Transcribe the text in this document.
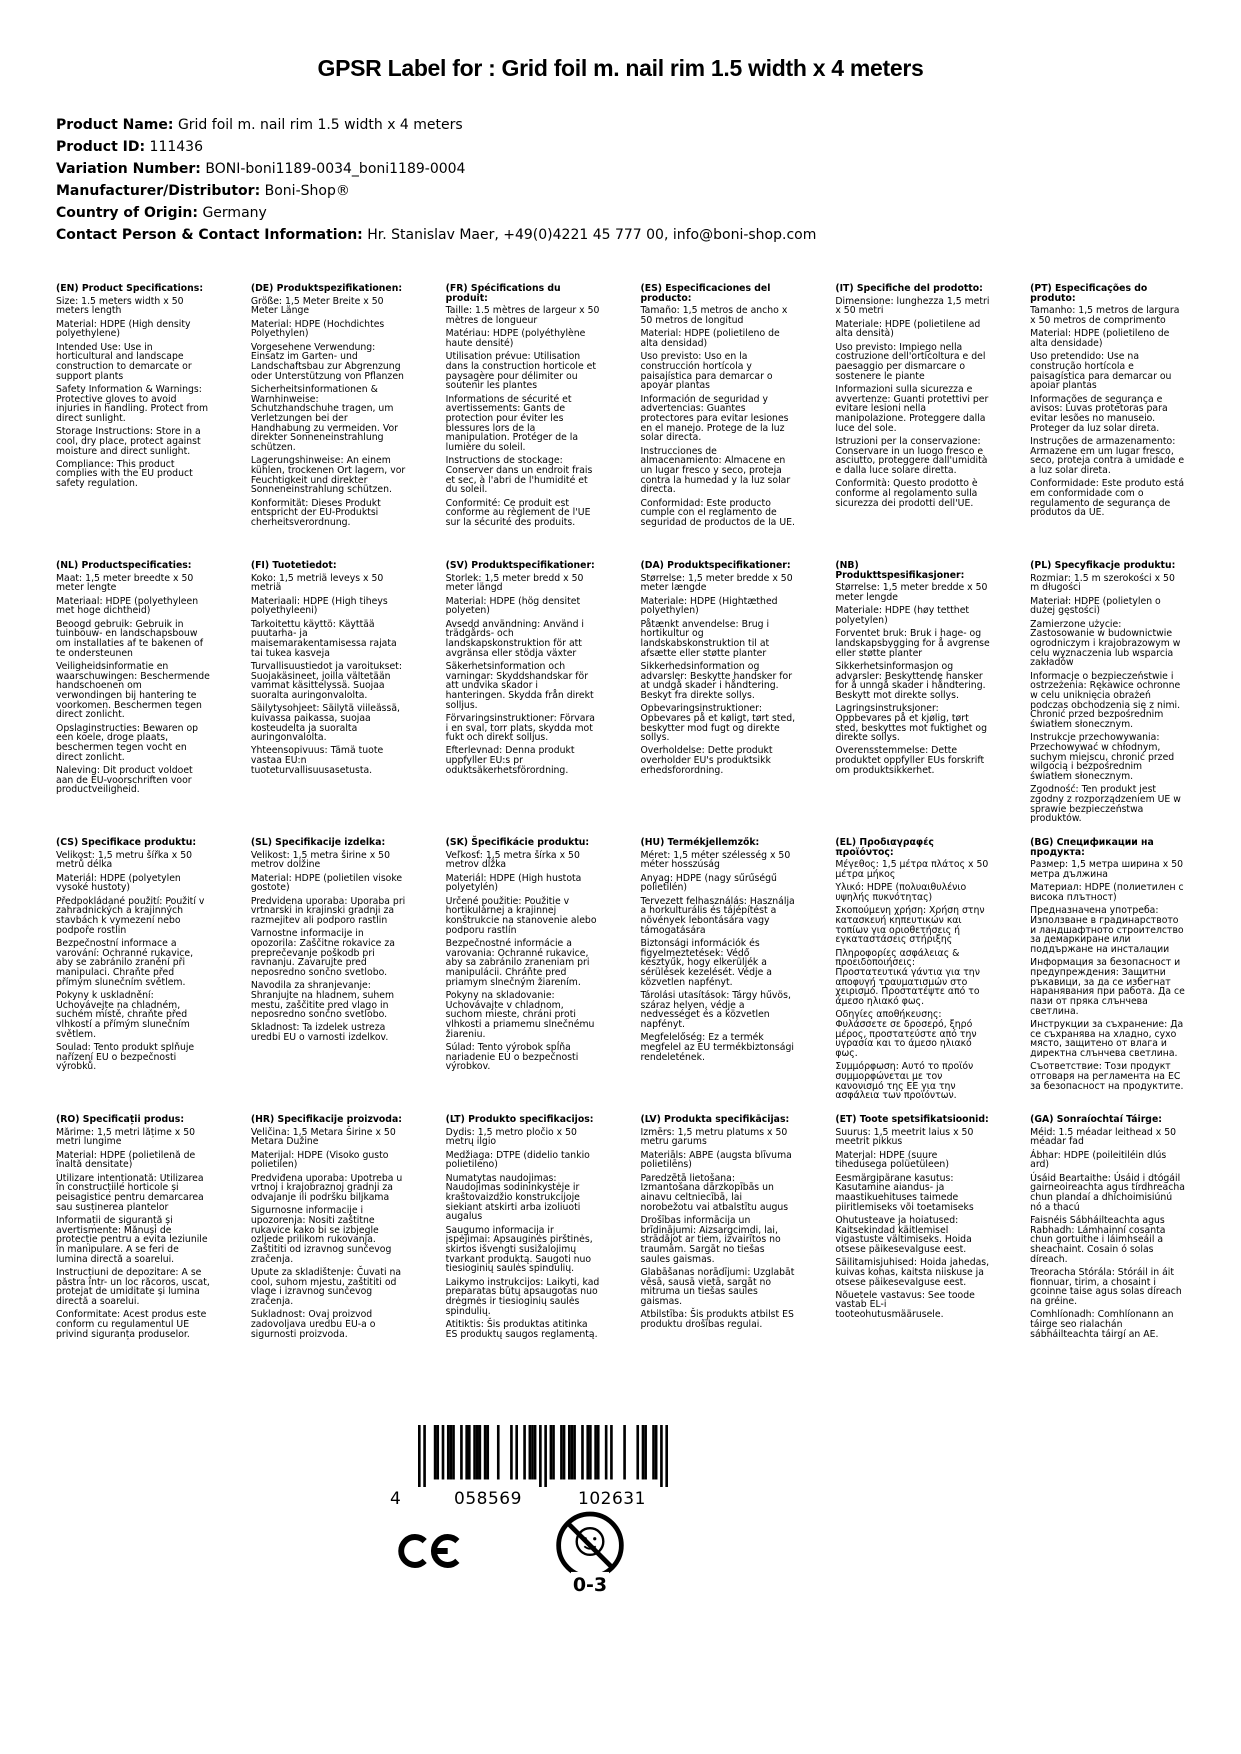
GPSR Label for : Grid foil m. nail rim 1.5 width x 4 meters
Product Name: Grid foil m. nail rim 1.5 width x 4 meters
Product ID: 111436
Variation Number: BONI-boni1189-0034_boni1189-0004
Manufacturer/Distributor: Boni-Shop®
Country of Origin: Germany
Contact Person & Contact Information: Hr. Stanislav Maer, +49(0)4221 45 777 00, info@boni-shop.com
(EN) Product Specifications:

Size: 1.5 meters width x 50 meters length

Material: HDPE (High density polyethylene)

Intended Use: Use in horticultural and landscape construction to demarcate or support plants

Safety Information & Warnings: Protective gloves to avoid injuries in handling. Protect from direct sunlight.

Storage Instructions: Store in a cool, dry place, protect against moisture and direct sunlight.

Compliance: This product complies with the EU product safety regulation.

(DE) Produktspezifikationen:

Größe: 1,5 Meter Breite x 50 Meter Länge

Material: HDPE (Hochdichtes Polyethylen)

Vorgesehene Verwendung: Einsatz im Garten- und Landschaftsbau zur Abgrenzung oder Unterstützung von Pflanzen

Sicherheitsinformationen & Warnhinweise: Schutzhandschuhe tragen, um Verletzungen bei der Handhabung zu vermeiden. Vor direkter Sonneneinstrahlung schützen.

Lagerungshinweise: An einem kühlen, trockenen Ort lagern, vor Feuchtigkeit und direkter Sonneneinstrahlung schützen.

Konformität: Dieses Produkt entspricht der EU-Produktsi cherheitsverordnung.

(FR) Spécifications du produit:

Taille: 1.5 mètres de largeur x 50 mètres de longueur

Matériau: HDPE (polyéthylène haute densité)

Utilisation prévue: Utilisation dans la construction horticole et paysagère pour délimiter ou soutenir les plantes

Informations de sécurité et avertissements: Gants de protection pour éviter les blessures lors de la manipulation. Protéger de la lumière du soleil.

Instructions de stockage: Conserver dans un endroit frais et sec, à l'abri de l'humidité et du soleil.

Conformité: Ce produit est conforme au règlement de l'UE sur la sécurité des produits.

(ES) Especificaciones del producto:

Tamaño: 1,5 metros de ancho x 50 metros de longitud

Material: HDPE (polietileno de alta densidad)

Uso previsto: Uso en la construcción hortícola y paisajística para demarcar o apoyar plantas

Información de seguridad y advertencias: Guantes protectores para evitar lesiones en el manejo. Protege de la luz solar directa.

Instrucciones de almacenamiento: Almacene en un lugar fresco y seco, proteja contra la humedad y la luz solar directa.

Conformidad: Este producto cumple con el reglamento de seguridad de productos de la UE.

(IT) Specifiche del prodotto:

Dimensione: lunghezza 1,5 metri x 50 metri

Materiale: HDPE (polietilene ad alta densità)

Uso previsto: Impiego nella costruzione dell'orticoltura e del paesaggio per dismarcare o sostenere le piante

Informazioni sulla sicurezza e avvertenze: Guanti protettivi per evitare lesioni nella manipolazione. Proteggere dalla luce del sole.

Istruzioni per la conservazione: Conservare in un luogo fresco e asciutto, proteggere dall'umidità e dalla luce solare diretta.

Conformità: Questo prodotto è conforme al regolamento sulla sicurezza dei prodotti dell'UE.

(PT) Especificações do produto:

Tamanho: 1,5 metros de largura x 50 metros de comprimento

Material: HDPE (polietileno de alta densidade)

Uso pretendido: Use na construção hortícola e paisagística para demarcar ou apoiar plantas

Informações de segurança e avisos: Luvas protetoras para evitar lesões no manuseio. Proteger da luz solar direta.

Instruções de armazenamento: Armazene em um lugar fresco, seco, proteja contra a umidade e a luz solar direta.

Conformidade: Este produto está em conformidade com o regulamento de segurança de produtos da UE.

(NL) Productspecificaties:

Maat: 1,5 meter breedte x 50 meter lengte

Materiaal: HDPE (polyethyleen met hoge dichtheid)

Beoogd gebruik: Gebruik in tuinbouw- en landschapsbouw om installaties af te bakenen of te ondersteunen

Veiligheidsinformatie en waarschuwingen: Beschermende handschoenen om verwondingen bij hantering te voorkomen. Beschermen tegen direct zonlicht.

Opslaginstructies: Bewaren op een koele, droge plaats, beschermen tegen vocht en direct zonlicht.

Naleving: Dit product voldoet aan de EU-voorschriften voor productveiligheid.

(FI) Tuotetiedot:

Koko: 1,5 metriä leveys x 50 metriä

Materiaali: HDPE (High tiheys polyethyleeni)

Tarkoitettu käyttö: Käyttää puutarha- ja maisemarakentamisessa rajata tai tukea kasveja

Turvallisuustiedot ja varoitukset: Suojakäsineet, joilla vältetään vammat käsittelyssä. Suojaa suoralta auringonvalolta.

Säilytysohjeet: Säilytä viileässä, kuivassa paikassa, suojaa kosteudelta ja suoralta auringonvalolta.

Yhteensopivuus: Tämä tuote vastaa EU:n tuoteturvallisuusasetusta.

(SV) Produktspecifikationer:

Storlek: 1,5 meter bredd x 50 meter längd

Material: HDPE (hög densitet polyeten)

Avsedd användning: Använd i trädgårds- och landskapskonstruktion för att avgränsa eller stödja växter

Säkerhetsinformation och varningar: Skyddshandskar för att undvika skador i hanteringen. Skydda från direkt solljus.

Förvaringsinstruktioner: Förvara i en sval, torr plats, skydda mot fukt och direkt solljus.

Efterlevnad: Denna produkt uppfyller EU:s pr oduktsäkerhetsförordning.

(DA) Produktspecifikationer:

Størrelse: 1,5 meter bredde x 50 meter længde

Materiale: HDPE (Hightæthed polyethylen)

Påtænkt anvendelse: Brug i hortikultur og landskabskonstruktion til at afsætte eller støtte planter

Sikkerhedsinformation og advarsler: Beskytte handsker for at undgå skader i håndtering. Beskyt fra direkte sollys.

Opbevaringsinstruktioner: Opbevares på et køligt, tørt sted, beskytter mod fugt og direkte sollys.

Overholdelse: Dette produkt overholder EU's produktsikk erhedsforordning.

(NB) Produkttspesifikasjoner:

Størrelse: 1,5 meter bredde x 50 meter lengde

Materiale: HDPE (høy tetthet polyetylen)

Forventet bruk: Bruk i hage- og landskapsbygging for å avgrense eller støtte planter

Sikkerhetsinformasjon og advarsler: Beskyttende hansker for å unngå skader i håndtering. Beskytt mot direkte sollys.

Lagringsinstruksjoner: Oppbevares på et kjølig, tørt sted, beskyttes mot fuktighet og direkte sollys.

Overensstemmelse: Dette produktet oppfyller EUs forskrift om produktsikkerhet.

(PL) Specyfikacje produktu:

Rozmiar: 1.5 m szerokości x 50 m długości

Materiał: HDPE (polietylen o dużej gęstości)

Zamierzone użycie: Zastosowanie w budownictwie ogrodniczym i krajobrazowym w celu wyznaczenia lub wsparcia zakładów

Informacje o bezpieczeństwie i ostrzeżenia: Rękawice ochronne w celu uniknięcia obrażeń podczas obchodzenia się z nimi. Chronić przed bezpośrednim światłem słonecznym.

Instrukcje przechowywania: Przechowywać w chłodnym, suchym miejscu, chronić przed wilgocią i bezpośrednim światłem słonecznym.

Zgodność: Ten produkt jest zgodny z rozporządzeniem UE w sprawie bezpieczeństwa produktów.

(CS) Specifikace produktu:

Velikost: 1,5 metru šířka x 50 metrů délka

Materiál: HDPE (polyetylen vysoké hustoty)

Předpokládané použití: Použití v zahradnických a krajinných stavbách k vymezení nebo podpoře rostlin

Bezpečnostní informace a varování: Ochranné rukavice, aby se zabránilo zranění při manipulaci. Chraňte před přímým slunečním světlem.

Pokyny k uskladnění: Uchovávejte na chladném, suchém místě, chraňte před vlhkostí a přímým slunečním světlem.

Soulad: Tento produkt splňuje nařízení EU o bezpečnosti výrobků.

(SL) Specifikacije izdelka:

Velikost: 1,5 metra širine x 50 metrov dolžine

Material: HDPE (polietilen visoke gostote)

Predvidena uporaba: Uporaba pri vrtnarski in krajinski gradnji za razmejitev ali podporo rastlin

Varnostne informacije in opozorila: Zaščitne rokavice za preprečevanje poškodb pri ravnanju. Zavarujte pred neposredno sončno svetlobo.

Navodila za shranjevanje: Shranjujte na hladnem, suhem mestu, zaščitite pred vlago in neposredno sončno svetlobo.

Skladnost: Ta izdelek ustreza uredbi EU o varnosti izdelkov.

(SK) Špecifikácie produktu:

Veľkosť: 1,5 metra šírka x 50 metrov dĺžka

Materiál: HDPE (High hustota polyetylén)

Určené použitie: Použitie v hortikulárnej a krajinnej konštrukcie na stanovenie alebo podporu rastlín

Bezpečnostné informácie a varovania: Ochranné rukavice, aby sa zabránilo zraneniam pri manipulácii. Chráňte pred priamym slnečným žiarením.

Pokyny na skladovanie: Uchovávajte v chladnom, suchom mieste, chráni proti vlhkosti a priamemu slnečnému žiareniu.

Súlad: Tento výrobok spĺňa nariadenie EÚ o bezpečnosti výrobkov.

(HU) Termékjellemzők:

Méret: 1,5 méter szélesség x 50 méter hosszúság

Anyag: HDPE (nagy sűrűségű polietilén)

Tervezett felhasználás: Használja a horkulturális és tájépítést a növények lebontására vagy támogatására

Biztonsági információk és figyelmeztetések: Védő kesztyűk, hogy elkerüljék a sérülések kezelését. Védje a közvetlen napfényt.

Tárolási utasítások: Tárgy hűvös, száraz helyen, védje a nedvességet és a közvetlen napfényt.

Megfelelőség: Ez a termék megfelel az EU termékbiztonsági rendeletének.

(EL) Προδιαγραφές προϊόντος:

Μέγεθος: 1,5 μέτρα πλάτος x 50 μέτρα μήκος

Υλικό: HDPE (πολυαιθυλένιο υψηλής πυκνότητας)

Σκοπούμενη χρήση: Χρήση στην κατασκευή κηπευτικών και τοπίων για οριοθετήσεις ή εγκαταστάσεις στήριξης

Πληροφορίες ασφάλειας & προειδοποιήσεις: Προστατευτικά γάντια για την αποφυγή τραυματισμών στο χειρισμό. Προστατέψτε από το άμεσο ηλιακό φως.

Οδηγίες αποθήκευσης: Φυλάσσετε σε δροσερό, ξηρό μέρος, προστατεύστε από την υγρασία και το άμεσο ηλιακό φως.

Συμμόρφωση: Αυτό το προϊόν συμμορφώνεται με τον κανονισμό της ΕΕ για την ασφάλεια των προϊόντων.

(BG) Спецификации на продукта:

Размер: 1,5 метра ширина x 50 метра дължина

Материал: HDPE (полиетилен с висока плътност)

Предназначена употреба: Използване в градинарството и ландшафтното строителство за демаркиране или поддържане на инсталации

Информация за безопасност и предупреждения: Защитни ръкавици, за да се избегнат наранявания при работа. Да се пази от пряка слънчева светлина.

Инструкции за съхранение: Да се съхранява на хладно, сухо място, защитено от влага и директна слънчева светлина.

Съответствие: Този продукт отговаря на регламента на ЕС за безопасност на продуктите.

(RO) Specificații produs:

Mărime: 1,5 metri lățime x 50 metri lungime

Material: HDPE (polietilenă de înaltă densitate)

Utilizare intenționată: Utilizarea în construcțiile horticole și peisagistice pentru demarcarea sau susținerea plantelor

Informații de siguranță și avertismente: Mănuși de protecție pentru a evita leziunile în manipulare. A se feri de lumina directă a soarelui.

Instrucțiuni de depozitare: A se păstra într- un loc răcoros, uscat, protejat de umiditate și lumina directă a soarelui.

Conformitate: Acest produs este conform cu regulamentul UE privind siguranța produselor.

(HR) Specifikacije proizvoda:

Veličina: 1,5 Metara Širine x 50 Metara Dužine

Materijal: HDPE (Visoko gusto polietilen)

Predviđena uporaba: Upotreba u vrtnoj i krajobraznoj gradnji za odvajanje ili podršku biljkama

Sigurnosne informacije i upozorenja: Nositi zaštitne rukavice kako bi se izbjegle ozljede prilikom rukovanja. Zaštititi od izravnog sunčevog zračenja.

Upute za skladištenje: Čuvati na cool, suhom mjestu, zaštititi od vlage i izravnog sunčevog zračenja.

Sukladnost: Ovaj proizvod zadovoljava uredbu EU-a o sigurnosti proizvoda.

(LT) Produkto specifikacijos:

Dydis: 1,5 metro pločio x 50 metrų ilgio

Medžiaga: DTPE (didelio tankio polietileno)

Numatytas naudojimas: Naudojimas sodininkystėje ir kraštovaizdžio konstrukcijoje siekiant atskirti arba izoliuoti augalus

Saugumo informacija ir įspėjimai: Apsauginės pirštinės, skirtos išvengti susižalojimų tvarkant produktą. Saugoti nuo tiesioginių saulės spindulių.

Laikymo instrukcijos: Laikyti, kad preparatas būtų apsaugotas nuo drėgmės ir tiesioginių saulės spindulių.

Atitiktis: Šis produktas atitinka ES produktų saugos reglamentą.

(LV) Produkta specifikācijas:

Izmērs: 1,5 metru platums x 50 metru garums

Materiāls: ABPE (augsta blīvuma polietilēns)

Paredzētā lietošana: Izmantošana dārzkopībās un ainavu celtniecībā, lai norobežotu vai atbalstītu augus

Drošības informācija un brīdinājumi: Aizsargcimdi, lai, strādājot ar tiem, izvairītos no traumām. Sargāt no tiešas saules gaismas.

Glabāšanas norādījumi: Uzglabāt vēsā, sausā vietā, sargāt no mitruma un tiešas saules gaismas.

Atbilstība: Šis produkts atbilst ES produktu drošības regulai.

(ET) Toote spetsifikatsioonid:

Suurus: 1,5 meetrit laius x 50 meetrit pikkus

Materjal: HDPE (suure tihedusega polüetüleen)

Eesmärgipärane kasutus: Kasutamine aiandus- ja maastikuehituses taimede piiritlemiseks või toetamiseks

Ohutusteave ja hoiatused: Kaitsekindad käitlemisel vigastuste vältimiseks. Hoida otsese päikesevalguse eest.

Säilitamisjuhised: Hoida jahedas, kuivas kohas, kaitsta niiskuse ja otsese päikesevalguse eest.

Nõuetele vastavus: See toode vastab EL-i tooteohutusmäärusele.

(GA) Sonraíochtaí Táirge:

Méid: 1.5 méadar leithead x 50 méadar fad

Ábhar: HDPE (poileitiléin dlús ard)

Úsáid Beartaithe: Úsáid i dtógáil gairneoireachta agus tírdhreacha chun plandaí a dhíchoimisiúnú nó a thacú

Faisnéis Sábháilteachta agus Rabhadh: Lámhainní cosanta chun gortuithe i láimhseáil a sheachaint. Cosain ó solas díreach.

Treoracha Stórála: Stóráil in áit fionnuar, tirim, a chosaint i gcoinne taise agus solas díreach na gréine.

Comhlíonadh: Comhlíonann an táirge seo rialachán sábháilteachta táirgí an AE.

4	058569	102631
0-3
